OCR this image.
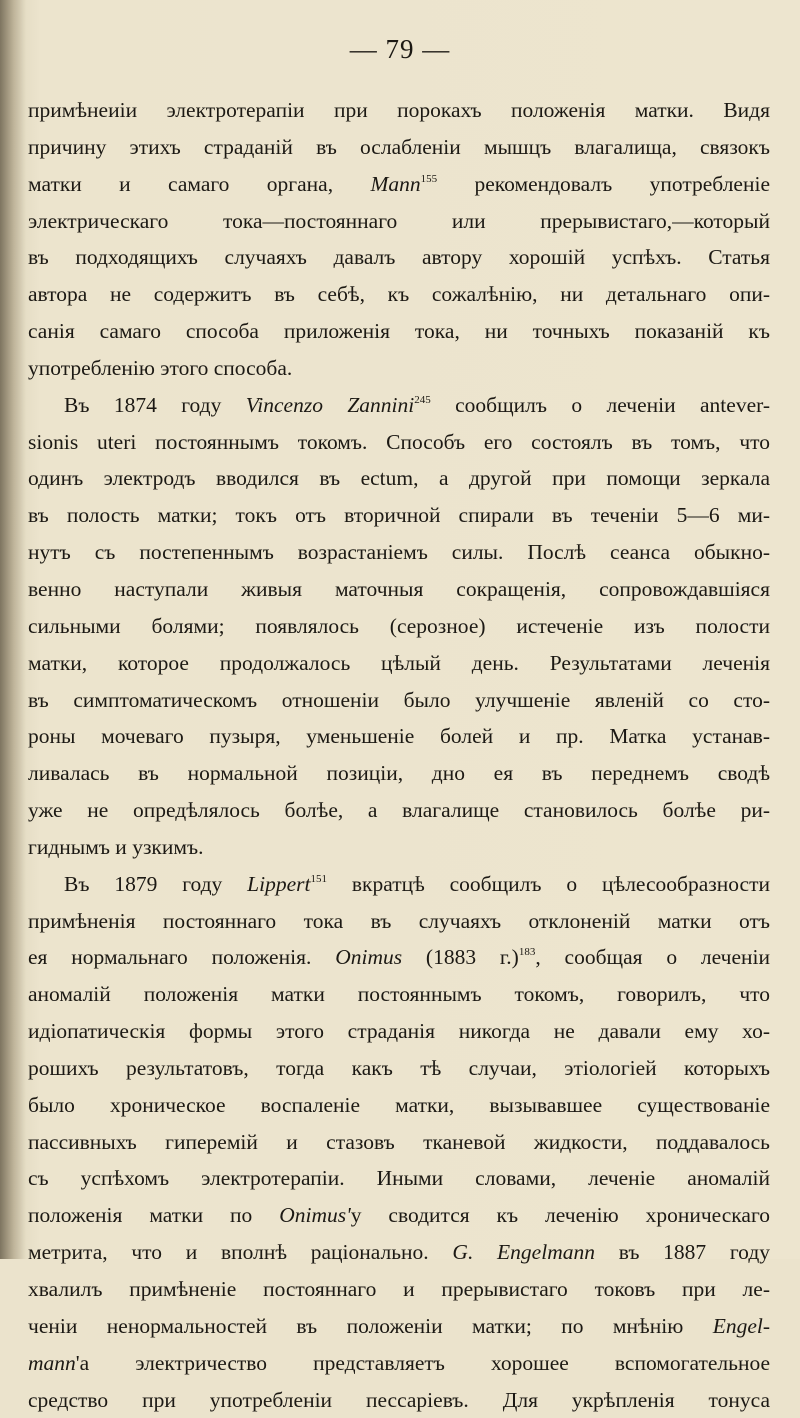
— 79 —
примѣнеиіи электротерапіи при порокахъ положенія матки. Видя
причину этихъ страданій въ ослабленіи мышцъ влагалища, связокъ
матки и самаго органа, Mann$^{155}$ рекомендовалъ употребленіе
электрическаго тока—постояннаго или прерывистаго,—который
въ подходящихъ случаяхъ давалъ автору хорошій успѣхъ. Статья
автора не содержитъ въ себѣ, къ сожалѣнію, ни детальнаго опи-
санія самаго способа приложенія тока, ни точныхъ показаній къ
употребленію этого способа.
Въ 1874 году Vincenzo Zannini$^{245}$ сообщилъ о леченіи antever-
sionis uteri постояннымъ токомъ. Способъ его состоялъ въ томъ, что
одинъ электродъ вводился въ ectum, а другой при помощи зеркала
въ полость матки; токъ отъ вторичной спирали въ теченіи 5—6 ми-
нутъ съ постепеннымъ возрастаніемъ силы. Послѣ сеанса обыкно-
венно наступали живыя маточныя сокращенія, сопровождавшіяся
сильными болями; появлялось (серозное) истеченіе изъ полости
матки, которое продолжалось цѣлый день. Результатами леченія
въ симптоматическомъ отношеніи было улучшеніе явленій со сто-
роны мочеваго пузыря, уменьшеніе болей и пр. Матка устанав-
ливалась въ нормальной позиціи, дно ея въ переднемъ сводѣ
уже не опредѣлялось болѣе, а влагалище становилось болѣе ри-
гиднымъ и узкимъ.
Въ 1879 году Lippert$^{151}$ вкратцѣ сообщилъ о цѣлесообразности
примѣненія постояннаго тока въ случаяхъ отклоненій матки отъ
ея нормальнаго положенія. Onimus (1883 г.)$^{183}$, сообщая о леченіи
аномалій положенія матки постояннымъ токомъ, говорилъ, что
идіопатическія формы этого страданія никогда не давали ему хо-
рошихъ результатовъ, тогда какъ тѣ случаи, этіологіей которыхъ
было хроническое воспаленіе матки, вызывавшее существованіе
пассивныхъ гиперемій и стазовъ тканевой жидкости, поддавалось
съ успѣхомъ электротерапіи. Иными словами, леченіе аномалій
положенія матки по Onimus'у сводится къ леченію хроническаго
метрита, что и вполнѣ раціонально. G. Engelmann въ 1887 году
хвалилъ примѣненіе постояннаго и прерывистаго токовъ при ле-
ченіи ненормальностей въ положеніи матки; по мнѣнію Engel-
mann'а электричество представляетъ хорошее вспомогательное
средство при употребленіи пессаріевъ. Для укрѣпленія тонуса
